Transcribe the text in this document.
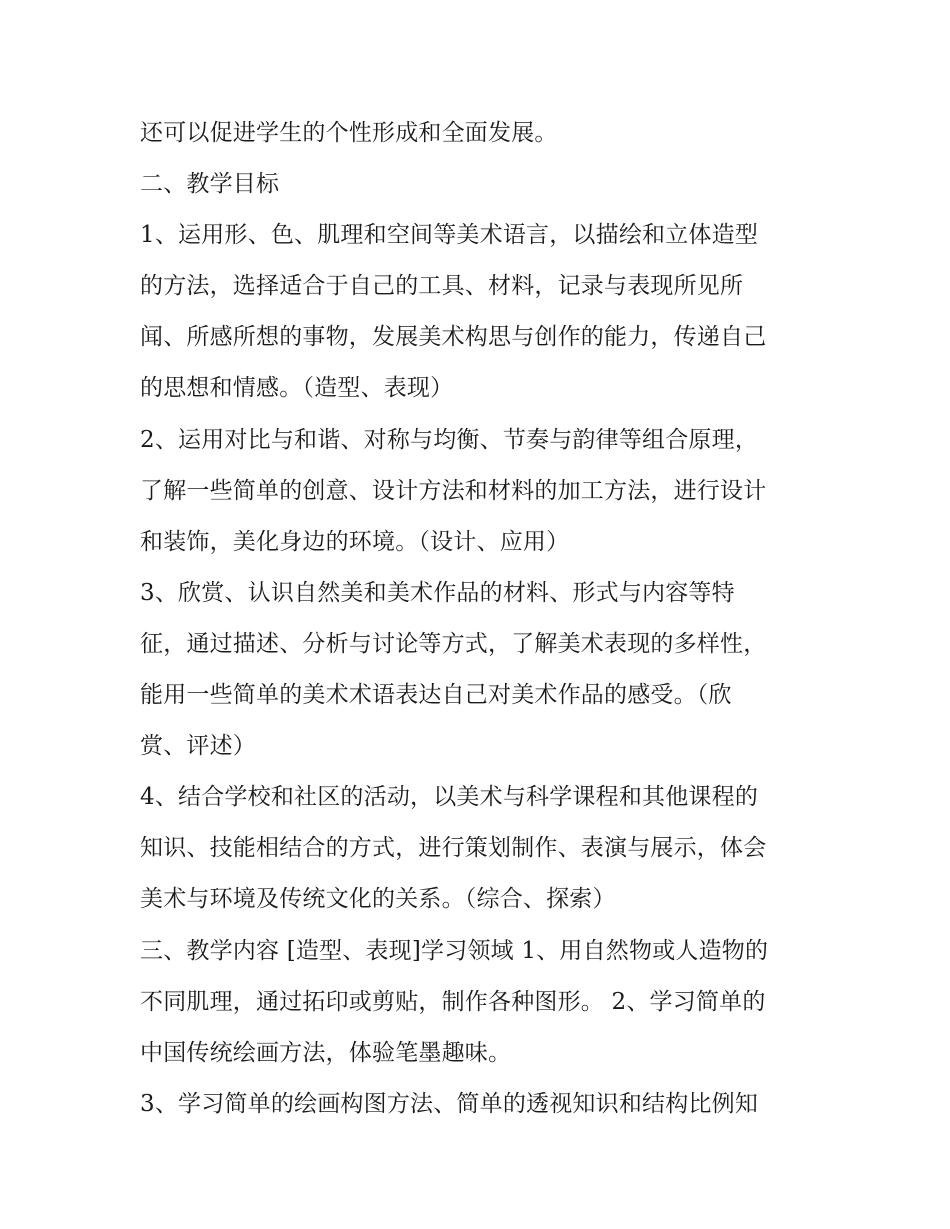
还可以促进学生的个性形成和全面发展。
二、教学目标
1、运用形、色、肌理和空间等美术语言，以描绘和立体造型
的方法，选择适合于自己的工具、材料，记录与表现所见所
闻、所感所想的事物，发展美术构思与创作的能力，传递自己
的思想和情感。（造型、表现）
2、运用对比与和谐、对称与均衡、节奏与韵律等组合原理，
了解一些简单的创意、设计方法和材料的加工方法，进行设计
和装饰，美化身边的环境。（设计、应用）
3、欣赏、认识自然美和美术作品的材料、形式与内容等特
征，通过描述、分析与讨论等方式，了解美术表现的多样性，
能用一些简单的美术术语表达自己对美术作品的感受。（欣
赏、评述）
4、结合学校和社区的活动，以美术与科学课程和其他课程的
知识、技能相结合的方式，进行策划制作、表演与展示，体会
美术与环境及传统文化的关系。（综合、探索）
三、教学内容 [造型、表现]学习领域 1、用自然物或人造物的
不同肌理，通过拓印或剪贴，制作各种图形。 2、学习简单的
中国传统绘画方法，体验笔墨趣味。
3、学习简单的绘画构图方法、简单的透视知识和结构比例知
